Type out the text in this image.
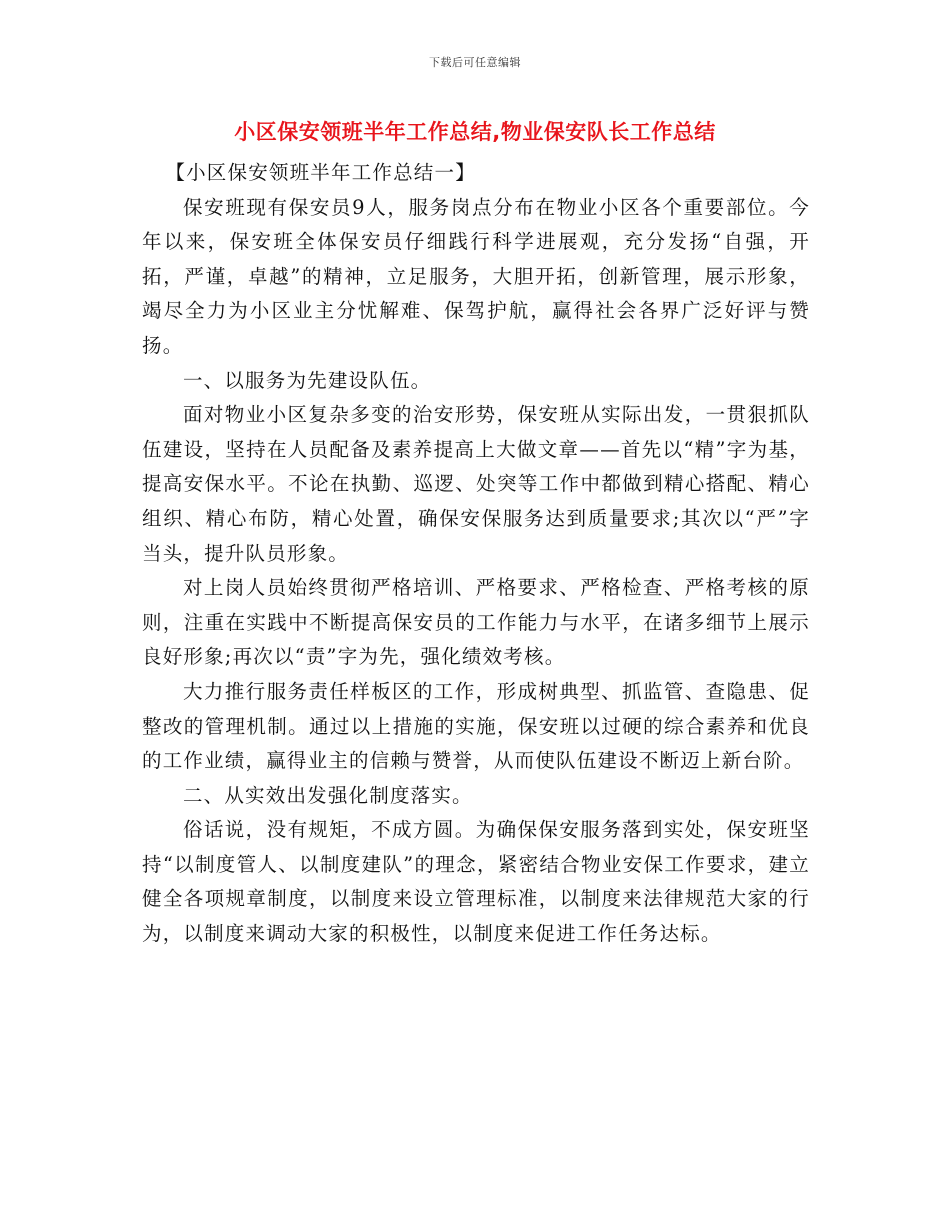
下载后可任意编辑
小区保安领班半年工作总结,物业保安队长工作总结

【小区保安领班半年工作总结一】

保安班现有保安员9人，服务岗点分布在物业小区各个重要部位。今年以来，保安班全体保安员仔细践行科学进展观，充分发扬“自强，开拓，严谨，卓越”的精神，立足服务，大胆开拓，创新管理，展示形象，竭尽全力为小区业主分忧解难、保驾护航，赢得社会各界广泛好评与赞扬。

一、以服务为先建设队伍。

面对物业小区复杂多变的治安形势，保安班从实际出发，一贯狠抓队伍建设，坚持在人员配备及素养提高上大做文章——首先以“精”字为基，提高安保水平。不论在执勤、巡逻、处突等工作中都做到精心搭配、精心组织、精心布防，精心处置，确保安保服务达到质量要求;其次以“严”字当头，提升队员形象。

对上岗人员始终贯彻严格培训、严格要求、严格检查、严格考核的原则，注重在实践中不断提高保安员的工作能力与水平，在诸多细节上展示良好形象;再次以“责”字为先，强化绩效考核。

大力推行服务责任样板区的工作，形成树典型、抓监管、查隐患、促整改的管理机制。通过以上措施的实施，保安班以过硬的综合素养和优良的工作业绩，赢得业主的信赖与赞誉，从而使队伍建设不断迈上新台阶。

二、从实效出发强化制度落实。

俗话说，没有规矩，不成方圆。为确保保安服务落到实处，保安班坚持“以制度管人、以制度建队”的理念，紧密结合物业安保工作要求，建立健全各项规章制度，以制度来设立管理标准，以制度来法律规范大家的行为，以制度来调动大家的积极性，以制度来促进工作任务达标。
